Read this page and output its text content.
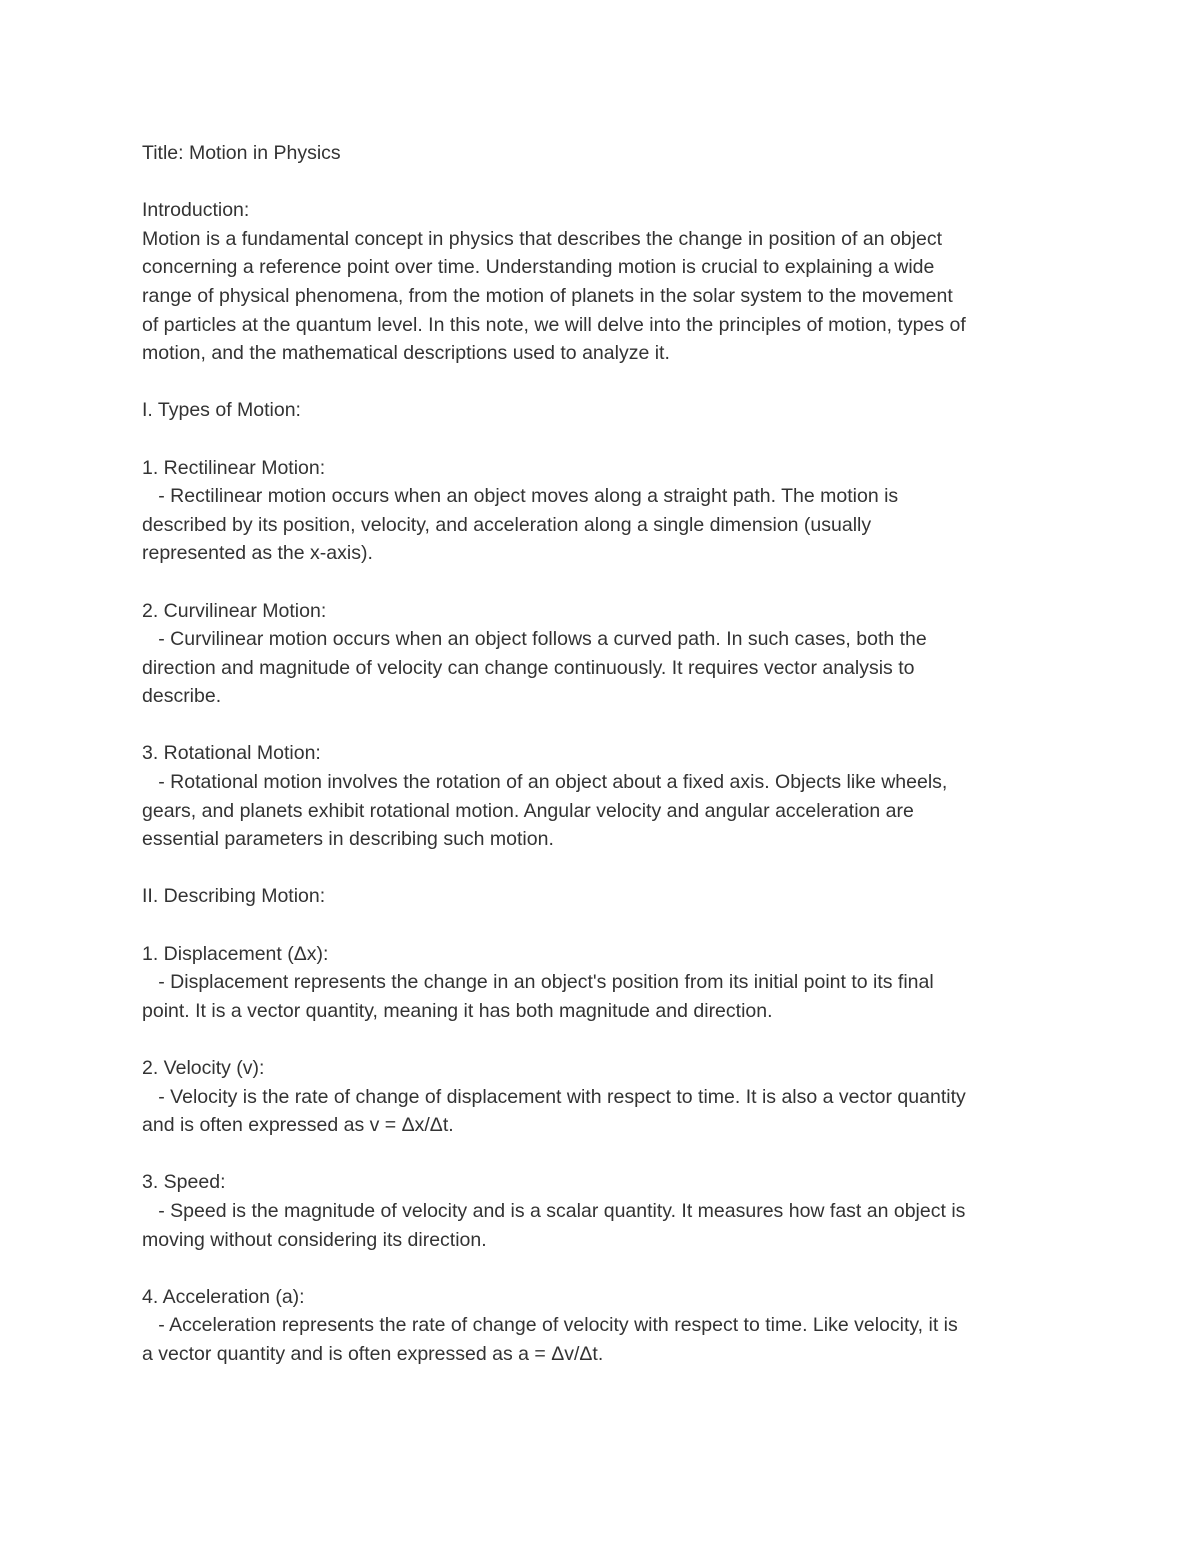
Title: Motion in Physics
Introduction:
Motion is a fundamental concept in physics that describes the change in position of an object
concerning a reference point over time. Understanding motion is crucial to explaining a wide
range of physical phenomena, from the motion of planets in the solar system to the movement
of particles at the quantum level. In this note, we will delve into the principles of motion, types of
motion, and the mathematical descriptions used to analyze it.
I. Types of Motion:
1. Rectilinear Motion:
- Rectilinear motion occurs when an object moves along a straight path. The motion is
described by its position, velocity, and acceleration along a single dimension (usually
represented as the x-axis).
2. Curvilinear Motion:
- Curvilinear motion occurs when an object follows a curved path. In such cases, both the
direction and magnitude of velocity can change continuously. It requires vector analysis to
describe.
3. Rotational Motion:
- Rotational motion involves the rotation of an object about a fixed axis. Objects like wheels,
gears, and planets exhibit rotational motion. Angular velocity and angular acceleration are
essential parameters in describing such motion.
II. Describing Motion:
1. Displacement (Δx):
- Displacement represents the change in an object's position from its initial point to its final
point. It is a vector quantity, meaning it has both magnitude and direction.
2. Velocity (v):
- Velocity is the rate of change of displacement with respect to time. It is also a vector quantity
and is often expressed as v = Δx/Δt.
3. Speed:
- Speed is the magnitude of velocity and is a scalar quantity. It measures how fast an object is
moving without considering its direction.
4. Acceleration (a):
- Acceleration represents the rate of change of velocity with respect to time. Like velocity, it is
a vector quantity and is often expressed as a = Δv/Δt.
